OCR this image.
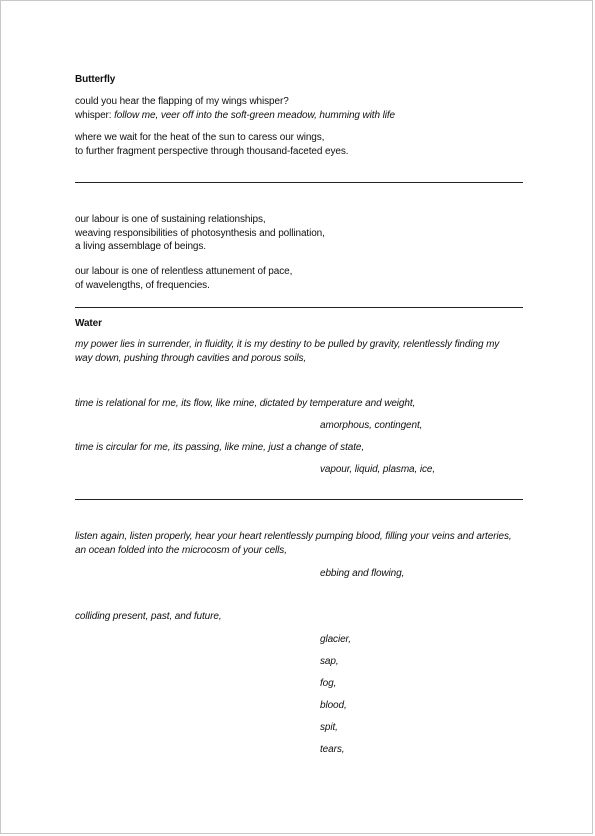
Butterfly
could you hear the flapping of my wings whisper?
whisper: follow me, veer off into the soft-green meadow, humming with life
where we wait for the heat of the sun to caress our wings,
to further fragment perspective through thousand-faceted eyes.
our labour is one of sustaining relationships,
weaving responsibilities of photosynthesis and pollination,
a living assemblage of beings.
our labour is one of relentless attunement of pace,
of wavelengths, of frequencies.
Water
my power lies in surrender, in fluidity, it is my destiny to be pulled by gravity, relentlessly finding my
way down, pushing through cavities and porous soils,
time is relational for me, its flow, like mine, dictated by temperature and weight,
amorphous, contingent,
time is circular for me, its passing, like mine, just a change of state,
vapour, liquid, plasma, ice,
listen again, listen properly, hear your heart relentlessly pumping blood, filling your veins and arteries,
an ocean folded into the microcosm of your cells,
ebbing and flowing,
colliding present, past, and future,
glacier,
sap,
fog,
blood,
spit,
tears,
